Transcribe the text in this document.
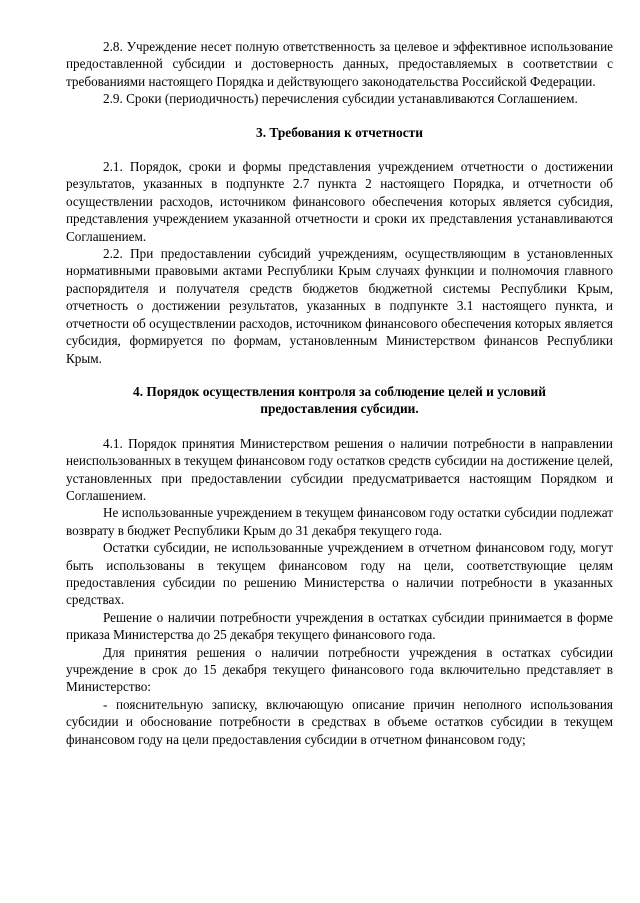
2.8. Учреждение несет полную ответственность за целевое и эффективное использование предоставленной субсидии и достоверность данных, предоставляемых в соответствии с требованиями настоящего Порядка и действующего законодательства Российской Федерации.

2.9. Сроки (периодичность) перечисления субсидии устанавливаются Соглашением.

3. Требования к отчетности

2.1. Порядок, сроки и формы представления учреждением отчетности о достижении результатов, указанных в подпункте 2.7 пункта 2 настоящего Порядка, и отчетности об осуществлении расходов, источником финансового обеспечения которых является субсидия, представления учреждением указанной отчетности и сроки их представления устанавливаются Соглашением.

2.2. При предоставлении субсидий учреждениям, осуществляющим в установленных нормативными правовыми актами Республики Крым случаях функции и полномочия главного распорядителя и получателя средств бюджетов бюджетной системы Республики Крым, отчетность о достижении результатов, указанных в подпункте 3.1 настоящего пункта, и отчетности об осуществлении расходов, источником финансового обеспечения которых является субсидия, формируется по формам, установленным Министерством финансов Республики Крым.

4. Порядок осуществления контроля за соблюдение целей и условий
предоставления субсидии.

4.1. Порядок принятия Министерством решения о наличии потребности в направлении неиспользованных в текущем финансовом году остатков средств субсидии на достижение целей, установленных при предоставлении субсидии предусматривается настоящим Порядком и Соглашением.

Не использованные учреждением в текущем финансовом году остатки субсидии подлежат возврату в бюджет Республики Крым до 31 декабря текущего года.

Остатки субсидии, не использованные учреждением в отчетном финансовом году, могут быть использованы в текущем финансовом году на цели, соответствующие целям предоставления субсидии по решению Министерства о наличии потребности в указанных средствах.

Решение о наличии потребности учреждения в остатках субсидии принимается в форме приказа Министерства до 25 декабря текущего финансового года.

Для принятия решения о наличии потребности учреждения в остатках субсидии учреждение в срок до 15 декабря текущего финансового года включительно представляет в Министерство:

- пояснительную записку, включающую описание причин неполного использования субсидии и обоснование потребности в средствах в объеме остатков субсидии в текущем финансовом году на цели предоставления субсидии в отчетном финансовом году;
